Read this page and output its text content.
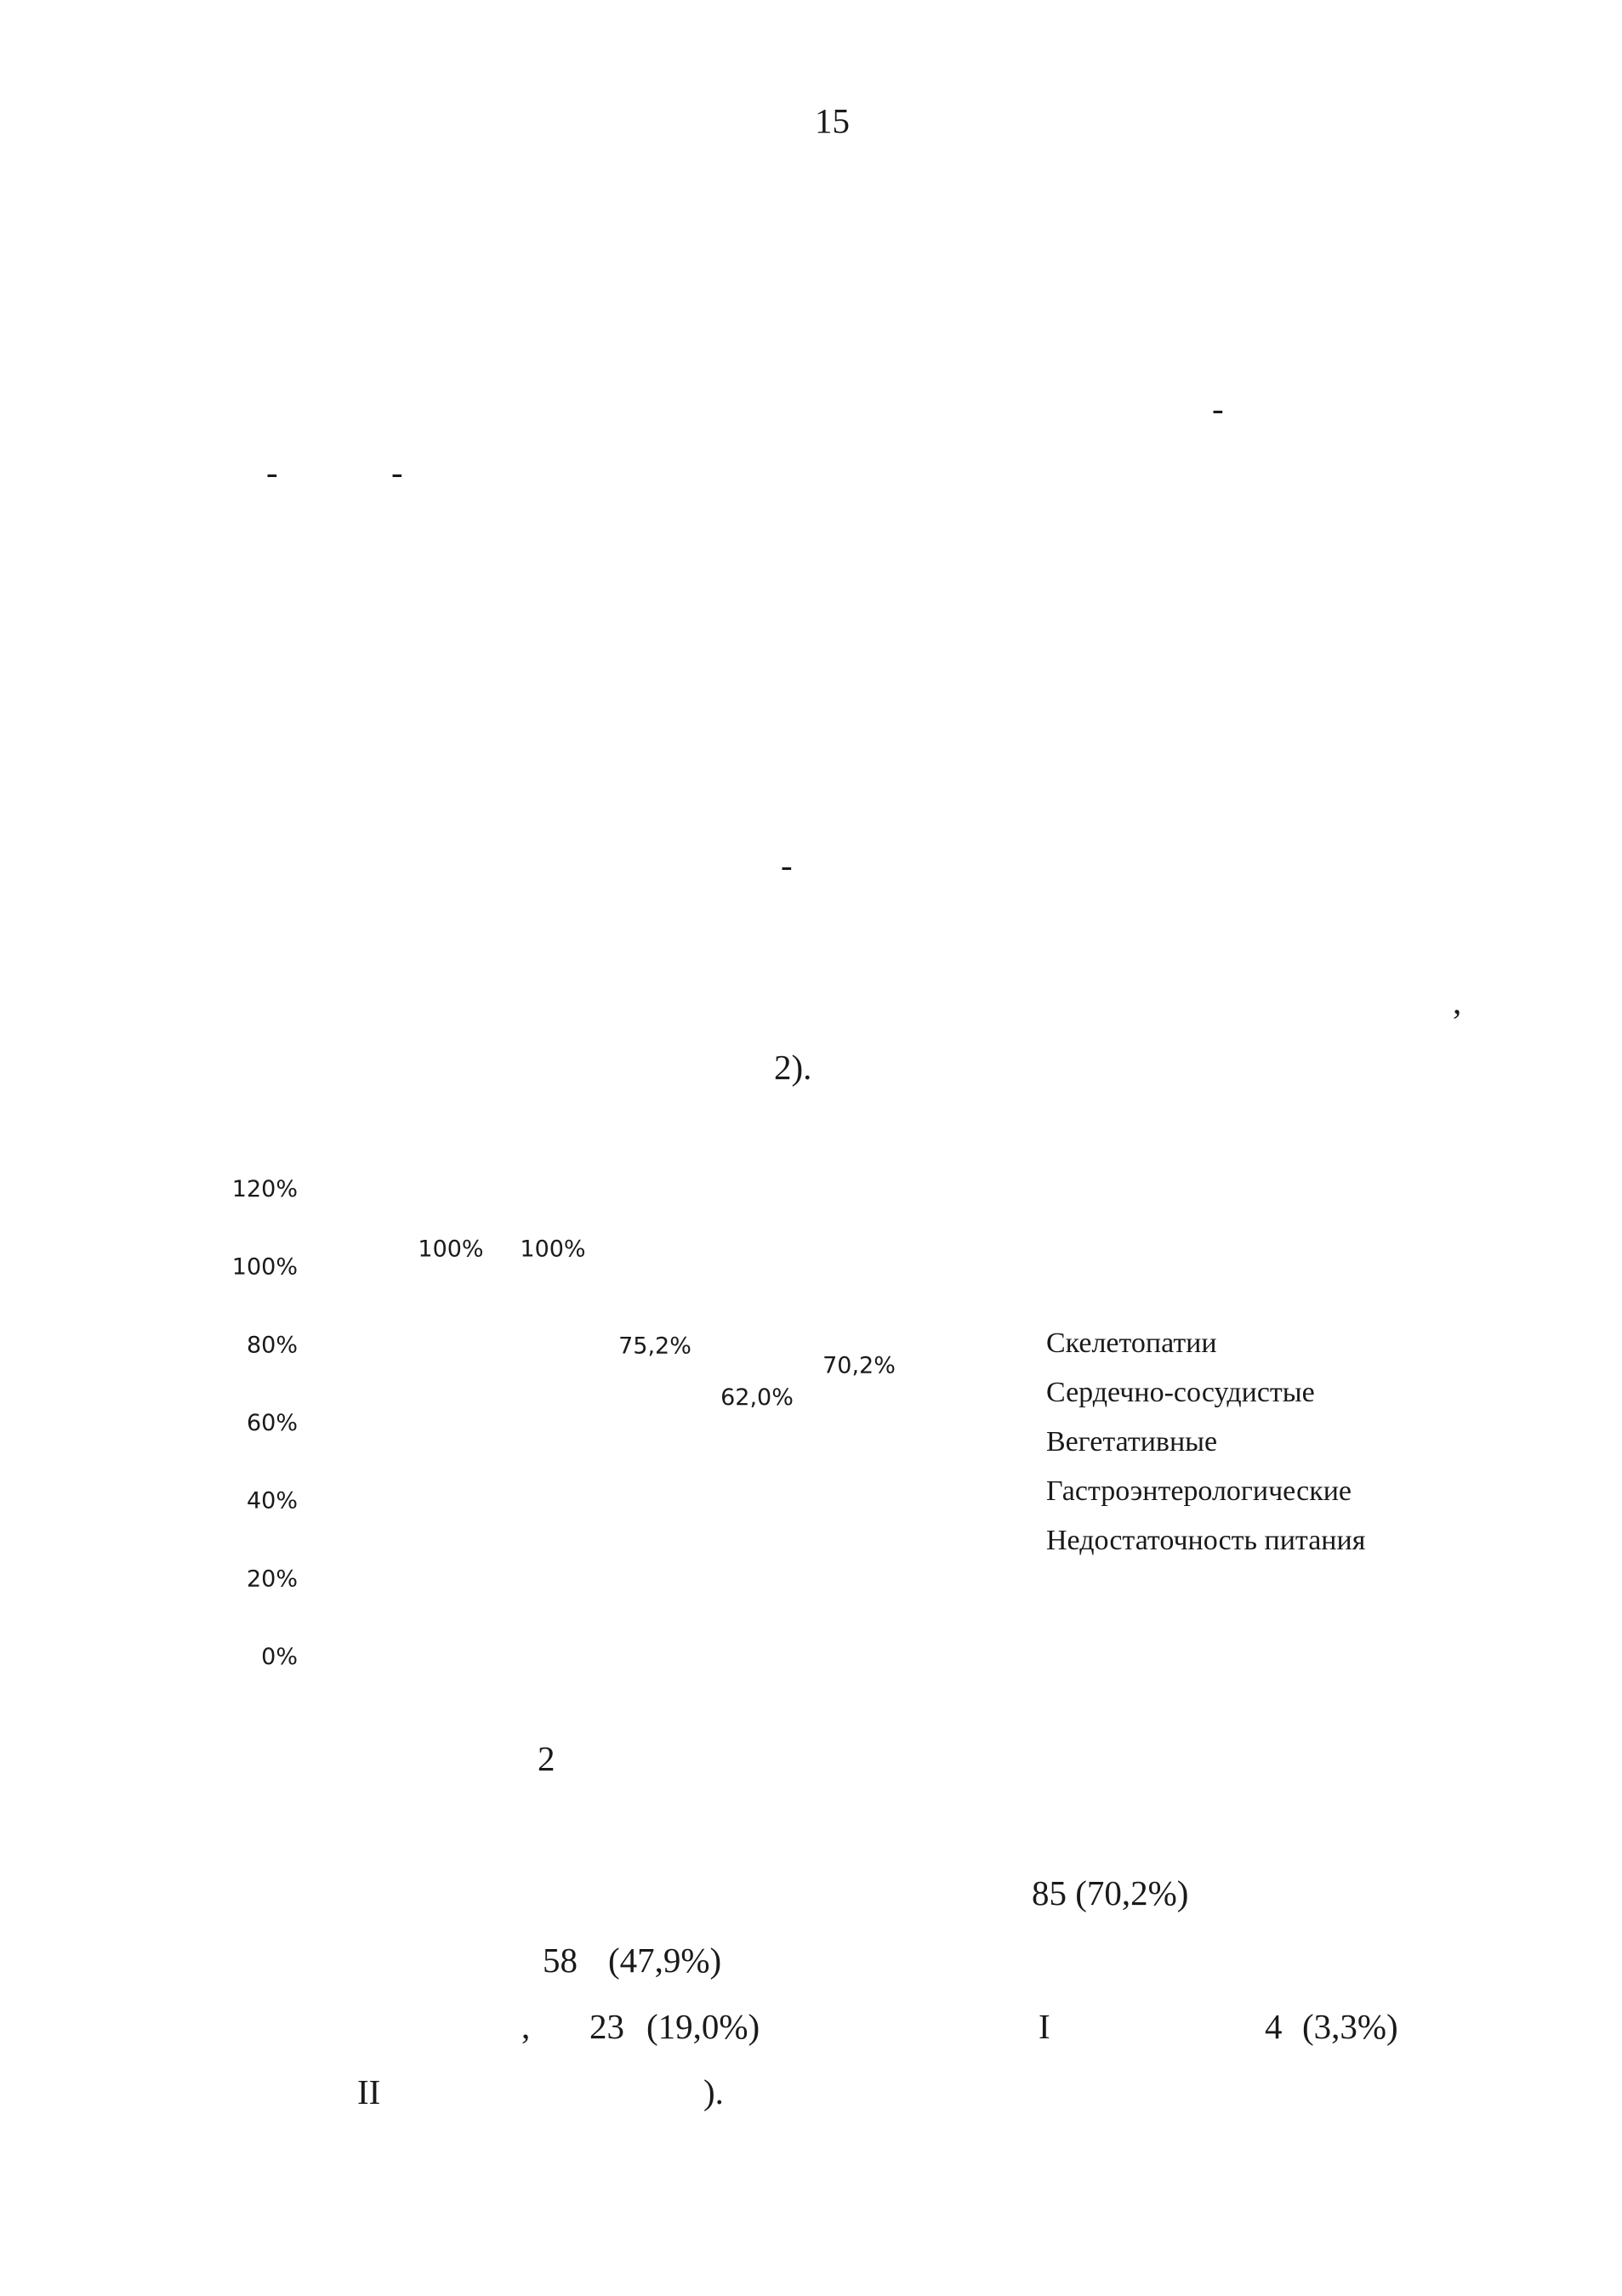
15
-
-	-
-
,
2).
0%
20%
40%
60%
80%
100%
120%
100% 100%
75,2%
62,0%
70,2%
Скелетопатии
Сердечно-сосудистые
Вегетативные
Гастроэнтерологические
Недостаточность питания
2
85 (70,2%)
58 (47,9%)
, 23 (19,0%)	I	4 (3,3%)
II	).
